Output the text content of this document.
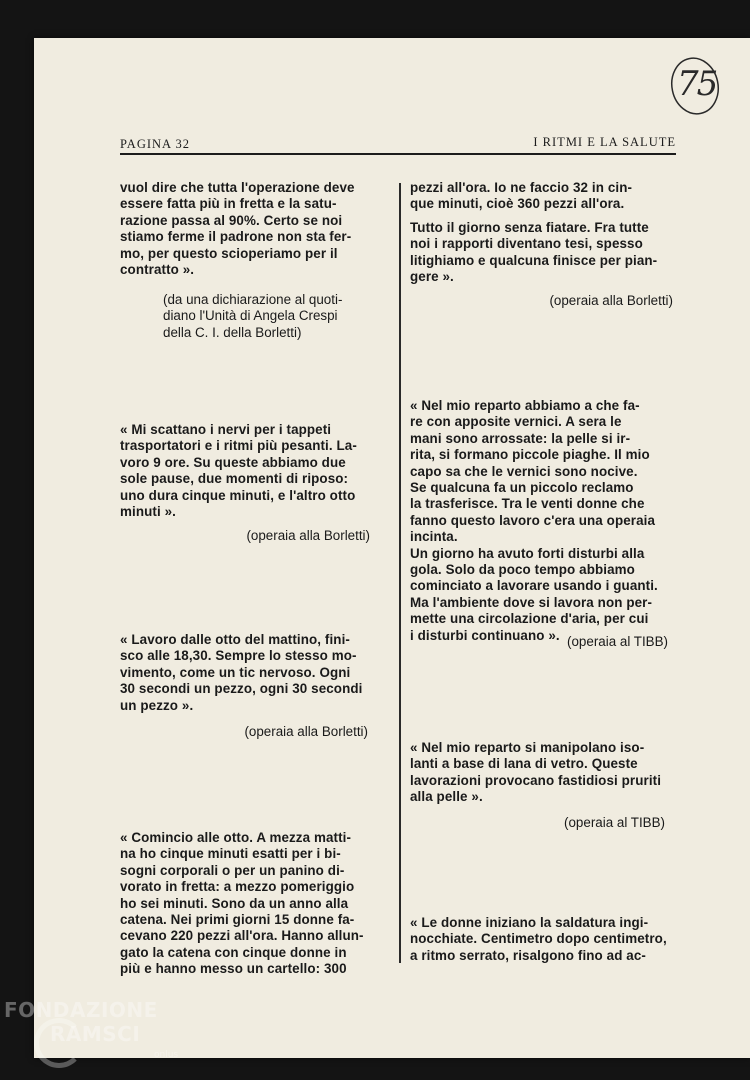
75
PAGINA 32	I RITMI E LA SALUTE

vuol dire che tutta l'operazione deve

essere fatta più in fretta e la satu-

razione passa al 90%. Certo se noi

stiamo ferme il padrone non sta fer-

mo, per questo scioperiamo per il

contratto ».

(da una dichiarazione al quoti-

diano l'Unità di Angela Crespi

della C. I. della Borletti)

« Mi scattano i nervi per i tappeti

trasportatori e i ritmi più pesanti. La-

voro 9 ore. Su queste abbiamo due

sole pause, due momenti di riposo:

uno dura cinque minuti, e l'altro otto

minuti ».

(operaia alla Borletti)

« Lavoro dalle otto del mattino, fini-

sco alle 18,30. Sempre lo stesso mo-

vimento, come un tic nervoso. Ogni

30 secondi un pezzo, ogni 30 secondi

un pezzo ».

(operaia alla Borletti)

« Comincio alle otto. A mezza matti-

na ho cinque minuti esatti per i bi-

sogni corporali o per un panino di-

vorato in fretta: a mezzo pomeriggio

ho sei minuti. Sono da un anno alla

catena. Nei primi giorni 15 donne fa-

cevano 220 pezzi all'ora. Hanno allun-

gato la catena con cinque donne in

più e hanno messo un cartello: 300

pezzi all'ora. Io ne faccio 32 in cin-

que minuti, cioè 360 pezzi all'ora.

Tutto il giorno senza fiatare. Fra tutte

noi i rapporti diventano tesi, spesso

litighiamo e qualcuna finisce per pian-

gere ».

(operaia alla Borletti)

« Nel mio reparto abbiamo a che fa-

re con apposite vernici. A sera le

mani sono arrossate: la pelle si ir-

rita, si formano piccole piaghe. Il mio

capo sa che le vernici sono nocive.

Se qualcuna fa un piccolo reclamo

la trasferisce. Tra le venti donne che

fanno questo lavoro c'era una operaia

incinta.

Un giorno ha avuto forti disturbi alla

gola. Solo da poco tempo abbiamo

cominciato a lavorare usando i guanti.

Ma l'ambiente dove si lavora non per-

mette una circolazione d'aria, per cui

i disturbi continuano ». (operaia al TIBB)

« Nel mio reparto si manipolano iso-

lanti a base di lana di vetro. Queste

lavorazioni provocano fastidiosi pruriti

alla pelle ».

(operaia al TIBB)

« Le donne iniziano la saldatura ingi-

nocchiate. Centimetro dopo centimetro,

a ritmo serrato, risalgono fino ad ac-

FONDAZIONE
RAMSCI
onlus
